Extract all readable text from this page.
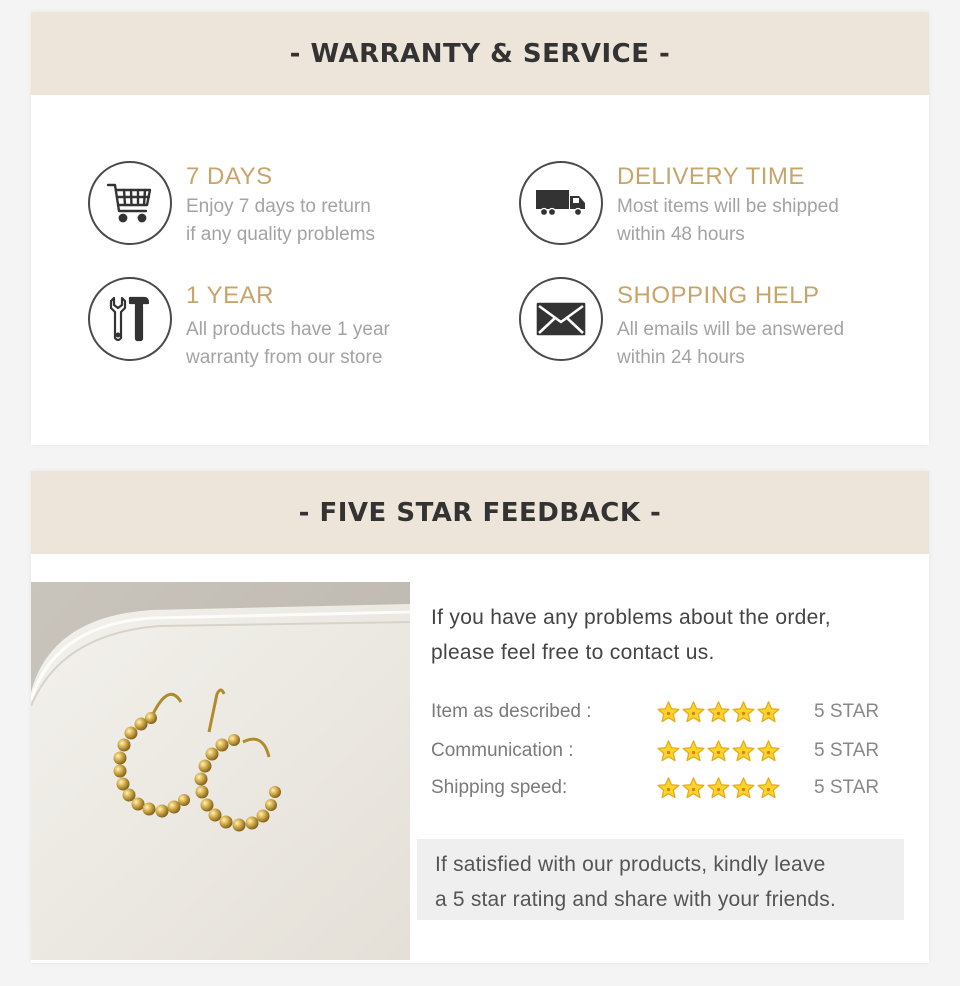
- WARRANTY & SERVICE -
7 DAYS
Enjoy 7 days to return
if any quality problems
DELIVERY TIME
Most items will be shipped
within 48 hours
1 YEAR
All products have 1 year
warranty from our store
SHOPPING HELP
All emails will be answered
within 24 hours
- FIVE STAR FEEDBACK -

If you have any problems about the order,
please feel free to contact us.

Item as described :	5 STAR
Communication :	5 STAR
Shipping speed:	5 STAR
If satisfied with our products, kindly leave
a 5 star rating and share with your friends.
